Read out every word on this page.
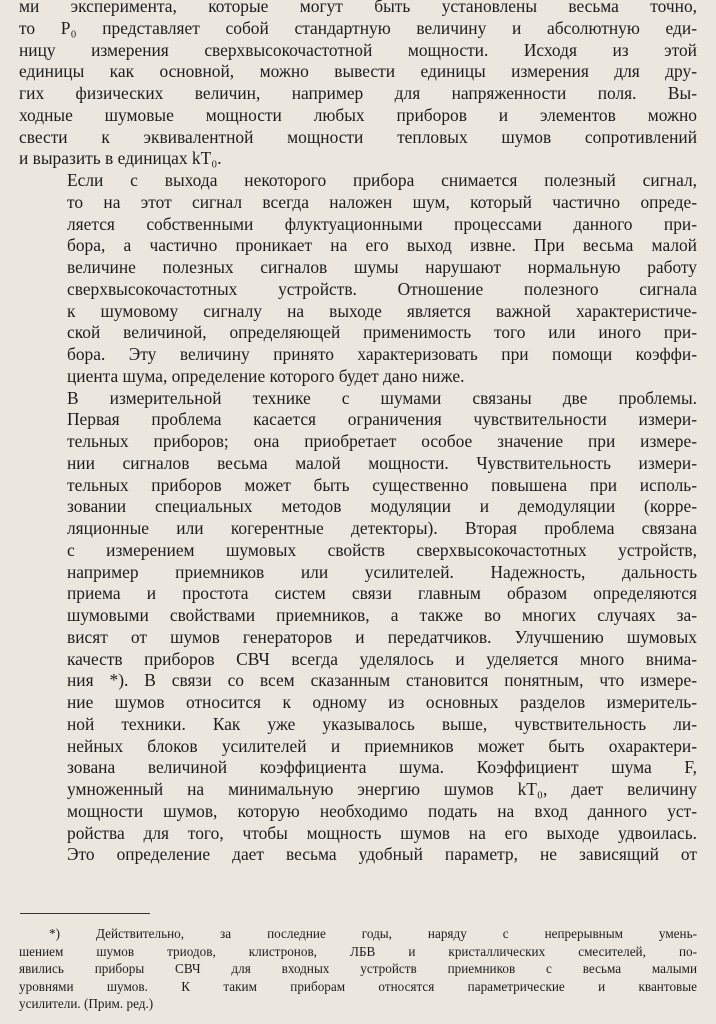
ми эксперимента, которые могут быть установлены весьма точно,
то P₀ представляет собой стандартную величину и абсолютную еди-
ницу измерения сверхвысокочастотной мощности. Исходя из этой
единицы как основной, можно вывести единицы измерения для дру-
гих физических величин, например для напряженности поля. Вы-
ходные шумовые мощности любых приборов и элементов можно
свести к эквивалентной мощности тепловых шумов сопротивлений
и выразить в единицах kT₀.

Если с выхода некоторого прибора снимается полезный сигнал,
то на этот сигнал всегда наложен шум, который частично опреде-
ляется собственными флуктуационными процессами данного при-
бора, а частично проникает на его выход извне. При весьма малой
величине полезных сигналов шумы нарушают нормальную работу
сверхвысокочастотных устройств. Отношение полезного сигнала
к шумовому сигналу на выходе является важной характеристиче-
ской величиной, определяющей применимость того или иного при-
бора. Эту величину принято характеризовать при помощи коэффи-
циента шума, определение которого будет дано ниже.

В измерительной технике с шумами связаны две проблемы.
Первая проблема касается ограничения чувствительности измери-
тельных приборов; она приобретает особое значение при измере-
нии сигналов весьма малой мощности. Чувствительность измери-
тельных приборов может быть существенно повышена при исполь-
зовании специальных методов модуляции и демодуляции (корре-
ляционные или когерентные детекторы). Вторая проблема связана
с измерением шумовых свойств сверхвысокочастотных устройств,
например приемников или усилителей. Надежность, дальность
приема и простота систем связи главным образом определяются
шумовыми свойствами приемников, а также во многих случаях за-
висят от шумов генераторов и передатчиков. Улучшению шумовых
качеств приборов СВЧ всегда уделялось и уделяется много внима-
ния *). В связи со всем сказанным становится понятным, что измере-
ние шумов относится к одному из основных разделов измеритель-
ной техники. Как уже указывалось выше, чувствительность ли-
нейных блоков усилителей и приемников может быть охарактери-
зована величиной коэффициента шума. Коэффициент шума F,
умноженный на минимальную энергию шумов kT₀, дает величину
мощности шумов, которую необходимо подать на вход данного уст-
ройства для того, чтобы мощность шумов на его выходе удвоилась.
Это определение дает весьма удобный параметр, не зависящий от

*) Действительно, за последние годы, наряду с непрерывным умень-
шением шумов триодов, клистронов, ЛБВ и кристаллических смесителей, по-
явились приборы СВЧ для входных устройств приемников с весьма малыми
уровнями шумов. К таким приборам относятся параметрические и квантовые
усилители. (Прим. ред.)
